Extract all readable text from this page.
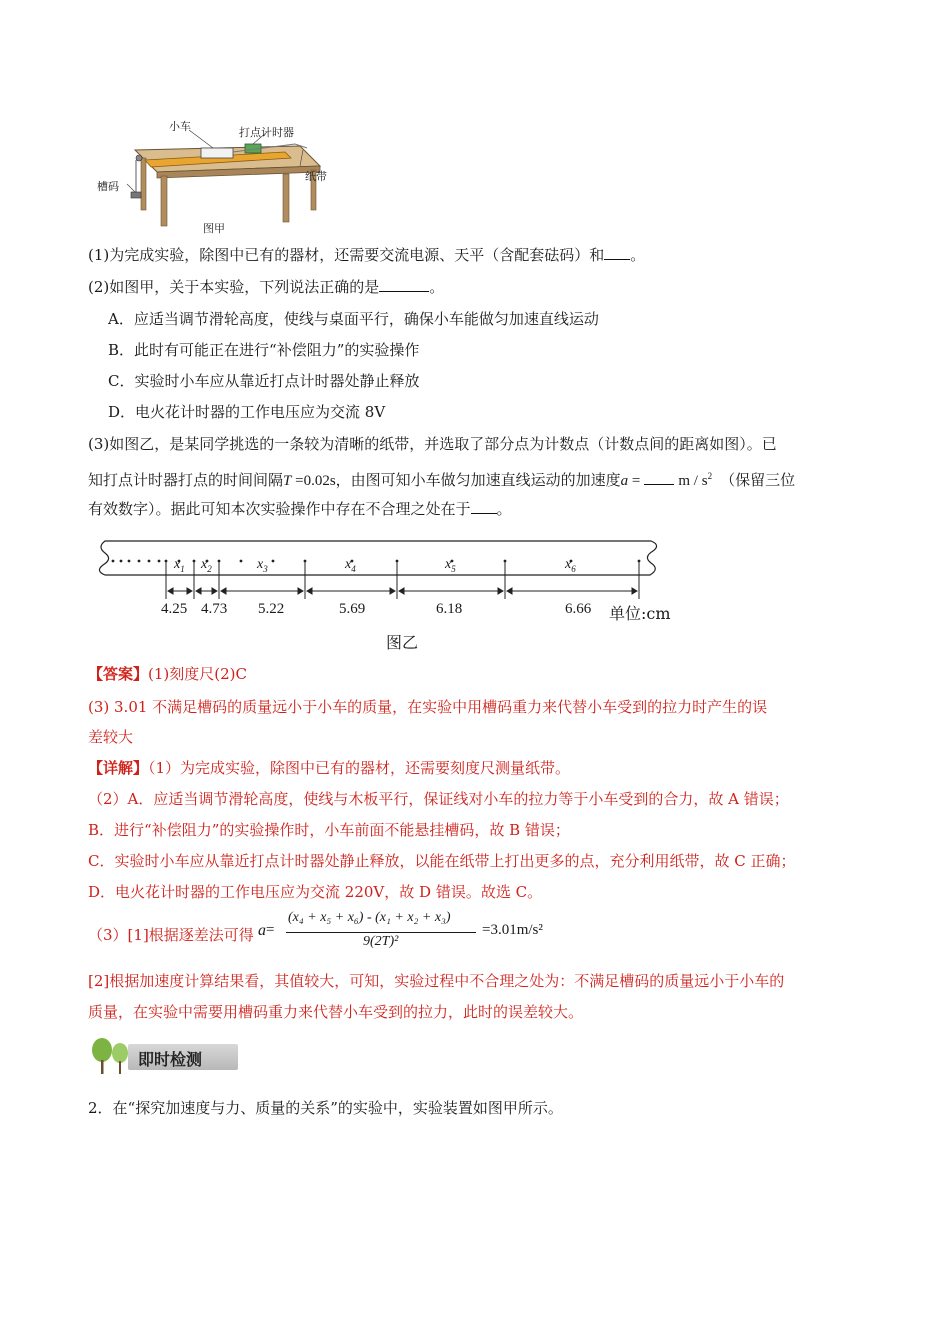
小车	打点计时器
纸带
槽码
图甲
(1)为完成实验，除图中已有的器材，还需要交流电源、天平（含配套砝码）和 。
(2)如图甲，关于本实验，下列说法正确的是	。
A．应适当调节滑轮高度，使线与桌面平行，确保小车能做匀加速直线运动
B．此时有可能正在进行“补偿阻力”的实验操作
C．实验时小车应从靠近打点计时器处静止释放
D．电火花计时器的工作电压应为交流 8V
(3)如图乙，是某同学挑选的一条较为清晰的纸带，并选取了部分点为计数点（计数点间的距离如图）。已
知打点计时器打点的时间间隔T =0.02s，由图可知小车做匀加速直线运动的加速度a =	m / $s^2$ （保留三位
有效数字）。据此可知本次实验操作中存在不合理之处在于 。
$x_1$ $x_2$	$x_3$	$x_4$	$x_5$	$x_6$
4.25 4.73 5.22	5.69	6.18	6.66 单位:cm
图乙
【答案】(1)刻度尺(2)C
(3) 3.01 不满足槽码的质量远小于小车的质量，在实验中用槽码重力来代替小车受到的拉力时产生的误
差较大
【详解】（1）为完成实验，除图中已有的器材，还需要刻度尺测量纸带。
（2）A．应适当调节滑轮高度，使线与木板平行，保证线对小车的拉力等于小车受到的合力，故 A 错误；
B．进行“补偿阻力”的实验操作时，小车前面不能悬挂槽码，故 B 错误；
C．实验时小车应从靠近打点计时器处静止释放，以能在纸带上打出更多的点，充分利用纸带，故 C 正确；
D．电火花计时器的工作电压应为交流 220V，故 D 错误。故选 C。
（3）[1]根据逐差法可得 a =
(x₄ + x₅ + x₆) - (x₁ + x₂ + x₃)
9(2T)²
=3.01m/s²
[2]根据加速度计算结果看，其值较大，可知，实验过程中不合理之处为：不满足槽码的质量远小于小车的
质量，在实验中需要用槽码重力来代替小车受到的拉力，此时的误差较大。
即时检测
2．在“探究加速度与力、质量的关系”的实验中，实验装置如图甲所示。
